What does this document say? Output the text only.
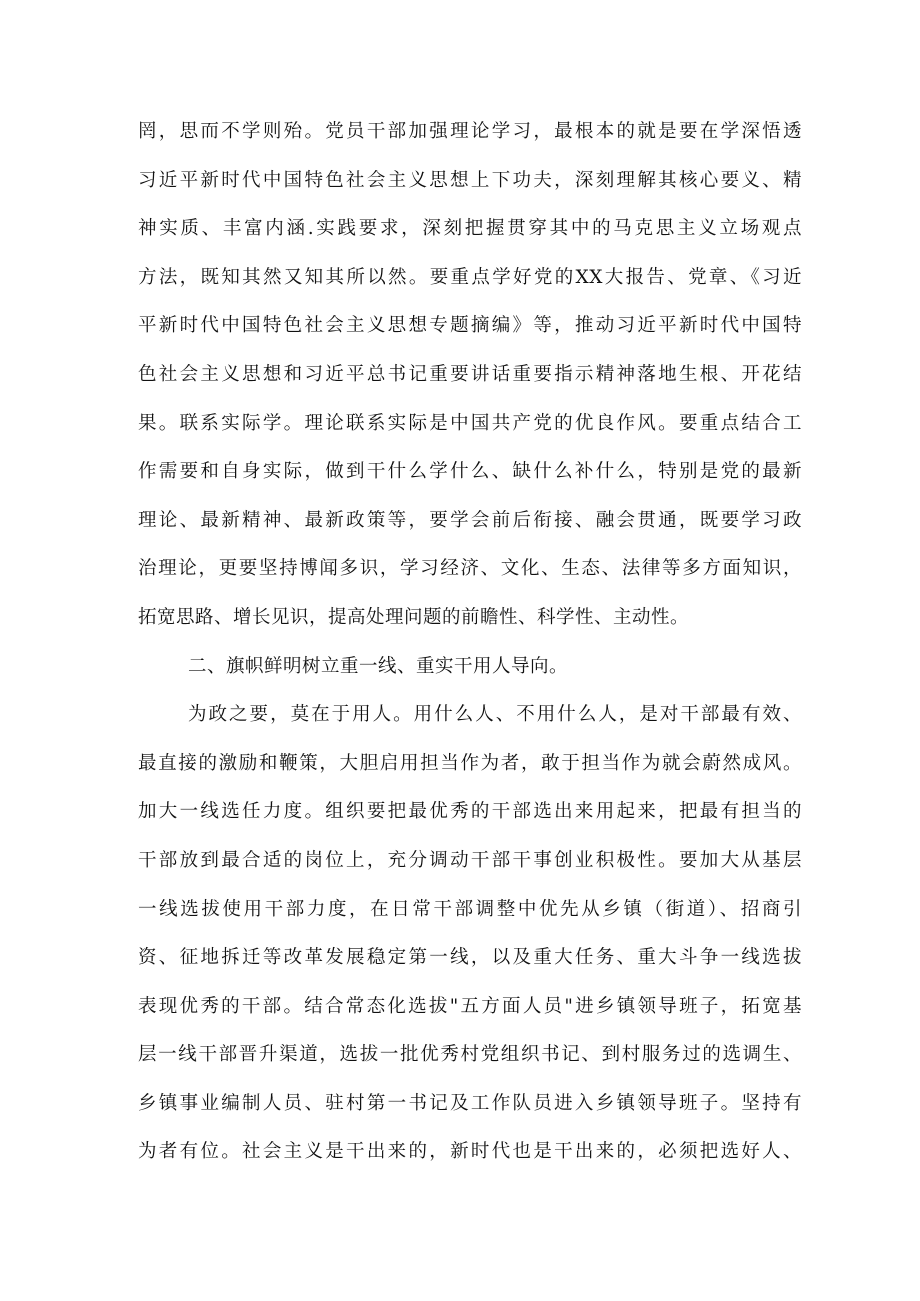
罔，思而不学则殆。党员干部加强理论学习，最根本的就是要在学深悟透
习近平新时代中国特色社会主义思想上下功夫，深刻理解其核心要义、精
神实质、丰富内涵.实践要求，深刻把握贯穿其中的马克思主义立场观点
方法，既知其然又知其所以然。要重点学好党的XX大报告、党章、《习近
平新时代中国特色社会主义思想专题摘编》等，推动习近平新时代中国特
色社会主义思想和习近平总书记重要讲话重要指示精神落地生根、开花结
果。联系实际学。理论联系实际是中国共产党的优良作风。要重点结合工
作需要和自身实际，做到干什么学什么、缺什么补什么，特别是党的最新
理论、最新精神、最新政策等，要学会前后衔接、融会贯通，既要学习政
治理论，更要坚持博闻多识，学习经济、文化、生态、法律等多方面知识，
拓宽思路、增长见识，提高处理问题的前瞻性、科学性、主动性。
二、旗帜鲜明树立重一线、重实干用人导向。
为政之要，莫在于用人。用什么人、不用什么人，是对干部最有效、
最直接的激励和鞭策，大胆启用担当作为者，敢于担当作为就会蔚然成风。
加大一线选任力度。组织要把最优秀的干部选出来用起来，把最有担当的
干部放到最合适的岗位上，充分调动干部干事创业积极性。要加大从基层
一线选拔使用干部力度，在日常干部调整中优先从乡镇（街道）、招商引
资、征地拆迁等改革发展稳定第一线，以及重大任务、重大斗争一线选拔
表现优秀的干部。结合常态化选拔"五方面人员"进乡镇领导班子，拓宽基
层一线干部晋升渠道，选拔一批优秀村党组织书记、到村服务过的选调生、
乡镇事业编制人员、驻村第一书记及工作队员进入乡镇领导班子。坚持有
为者有位。社会主义是干出来的，新时代也是干出来的，必须把选好人、
